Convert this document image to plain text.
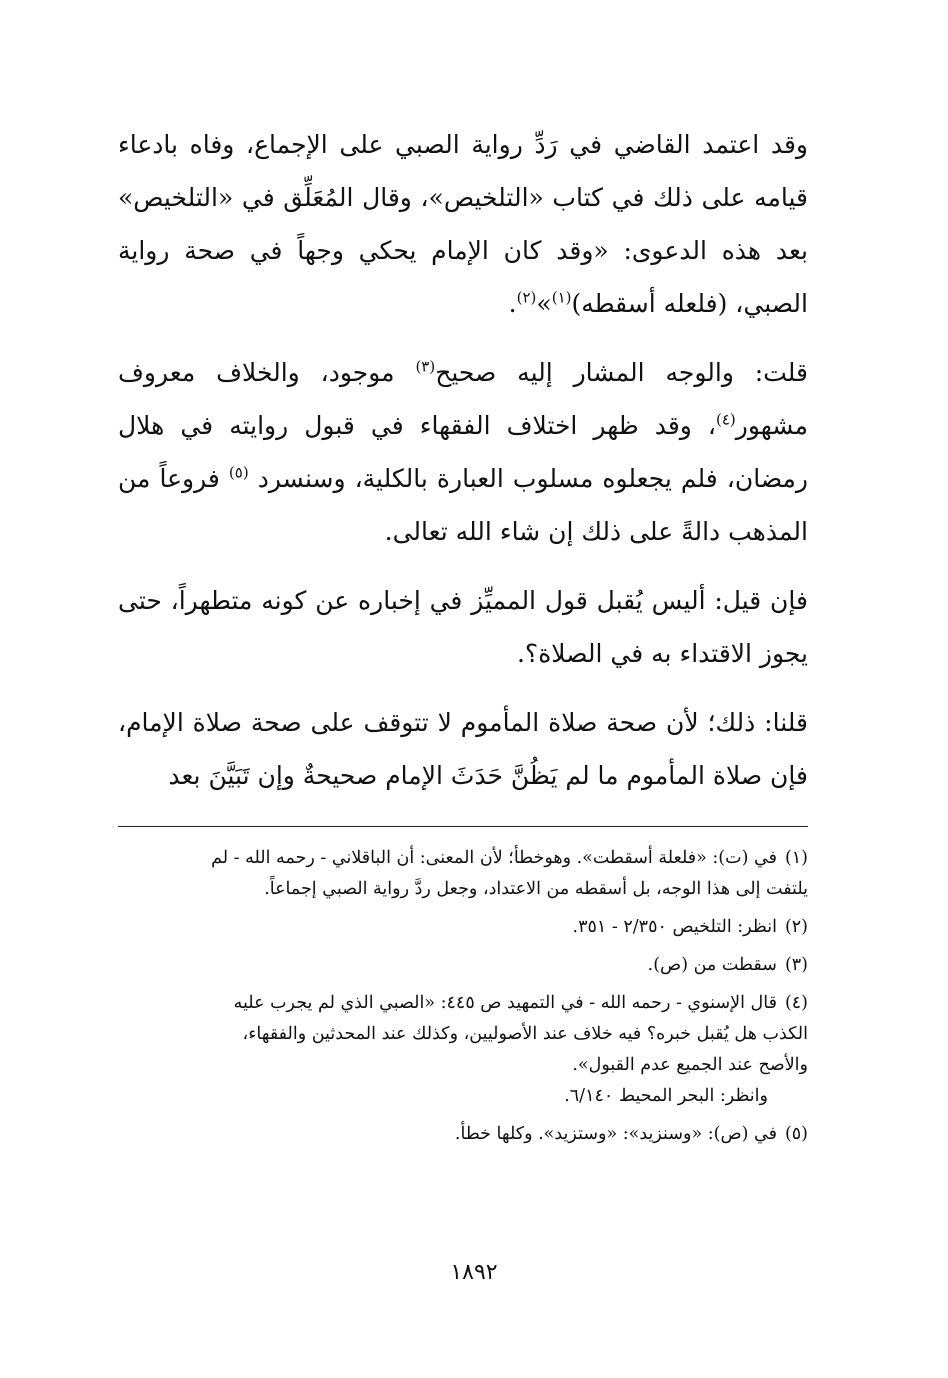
وقد اعتمد القاضي في رَدِّ رواية الصبي على الإجماع، وفاه بادعاء قيامه على ذلك في كتاب «التلخيص»، وقال المُعَلِّق في «التلخيص» بعد هذه الدعوى: «وقد كان الإمام يحكي وجهاً في صحة رواية الصبي، (فلعله أسقطه)$^{(١)}$»$^{(٢)}$.

قلت: والوجه المشار إليه صحيح$^{(٣)}$ موجود، والخلاف معروف مشهور$^{(٤)}$، وقد ظهر اختلاف الفقهاء في قبول روايته في هلال رمضان، فلم يجعلوه مسلوب العبارة بالكلية، وسنسرد $^{(٥)}$ فروعاً من المذهب دالةً على ذلك إن شاء الله تعالى.

فإن قيل: أليس يُقبل قول المميِّز في إخباره عن كونه متطهراً، حتى يجوز الاقتداء به في الصلاة؟.

قلنا: ذلك؛ لأن صحة صلاة المأموم لا تتوقف على صحة صلاة الإمام، فإن صلاة المأموم ما لم يَظُنَّ حَدَثَ الإمام صحيحةٌ وإن تَبَيَّنَ بعد

(١)في (ت): «فلعلة أسقطت». وهوخطأ؛ لأن المعنى: أن الباقلاني - رحمه الله - لم
يلتفت إلى هذا الوجه، بل أسقطه من الاعتداد، وجعل ردَّ رواية الصبي إجماعاً.
(٢)انظر: التلخيص ٢/٣٥٠ - ٣٥١.
(٣)سقطت من (ص).
(٤)قال الإسنوي - رحمه الله - في التمهيد ص ٤٤٥: «الصبي الذي لم يجرب عليه
الكذب هل يُقبل خبره؟ فيه خلاف عند الأصوليين، وكذلك عند المحدثين والفقهاء،
والأصح عند الجميع عدم القبول».
وانظر: البحر المحيط ٦/١٤٠.
(٥)في (ص): «وسنزيد»: «وستزيد». وكلها خطأ.
١٨٩٢
